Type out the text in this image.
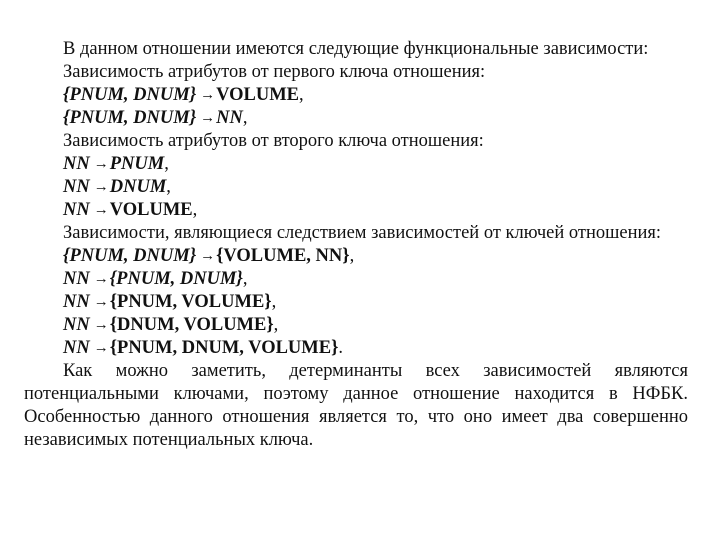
В данном отношении имеются следующие функциональные зависимости:
Зависимость атрибутов от первого ключа отношения:
{PNUM, DNUM} →VOLUME,
{PNUM, DNUM} →NN,
Зависимость атрибутов от второго ключа отношения:
NN →PNUM,
NN →DNUM,
NN →VOLUME,
Зависимости, являющиеся следствием зависимостей от ключей отношения:
{PNUM, DNUM} →{VOLUME, NN},
NN →{PNUM, DNUM},
NN →{PNUM, VOLUME},
NN →{DNUM, VOLUME},
NN →{PNUM, DNUM, VOLUME}.
Как можно заметить, детерминанты всех зависимостей являются потенциальными ключами, поэтому данное отношение находится в НФБК. Особенностью данного отношения является то, что оно имеет два совершенно независимых потенциальных ключа.
